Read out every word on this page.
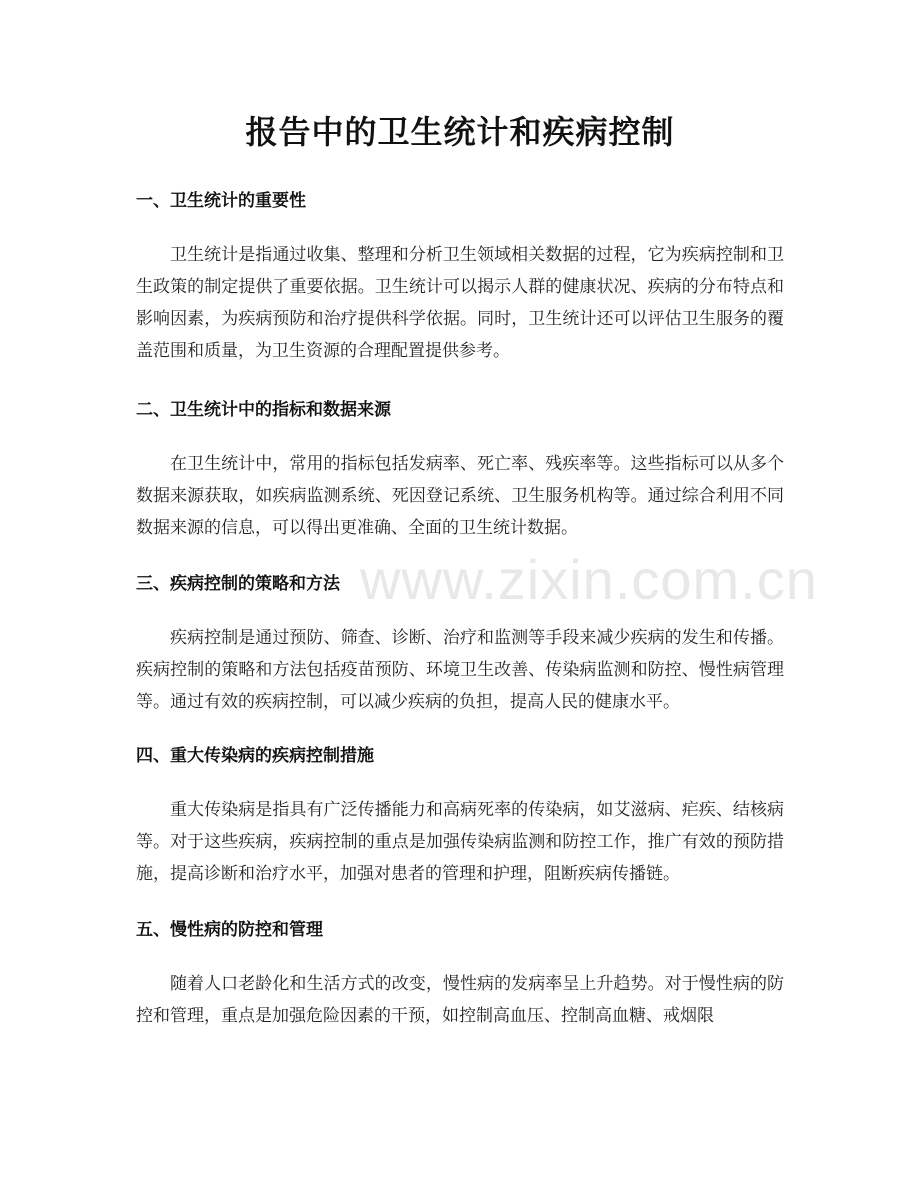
报告中的卫生统计和疾病控制
www.zixin.com.cn
一、卫生统计的重要性

卫生统计是指通过收集、整理和分析卫生领域相关数据的过程，它为疾病控制和卫生政策的制定提供了重要依据。卫生统计可以揭示人群的健康状况、疾病的分布特点和影响因素，为疾病预防和治疗提供科学依据。同时，卫生统计还可以评估卫生服务的覆盖范围和质量，为卫生资源的合理配置提供参考。

二、卫生统计中的指标和数据来源

在卫生统计中，常用的指标包括发病率、死亡率、残疾率等。这些指标可以从多个数据来源获取，如疾病监测系统、死因登记系统、卫生服务机构等。通过综合利用不同数据来源的信息，可以得出更准确、全面的卫生统计数据。

三、疾病控制的策略和方法

疾病控制是通过预防、筛查、诊断、治疗和监测等手段来减少疾病的发生和传播。疾病控制的策略和方法包括疫苗预防、环境卫生改善、传染病监测和防控、慢性病管理等。通过有效的疾病控制，可以减少疾病的负担，提高人民的健康水平。

四、重大传染病的疾病控制措施

重大传染病是指具有广泛传播能力和高病死率的传染病，如艾滋病、疟疾、结核病等。对于这些疾病，疾病控制的重点是加强传染病监测和防控工作，推广有效的预防措施，提高诊断和治疗水平，加强对患者的管理和护理，阻断疾病传播链。

五、慢性病的防控和管理

随着人口老龄化和生活方式的改变，慢性病的发病率呈上升趋势。对于慢性病的防控和管理，重点是加强危险因素的干预，如控制高血压、控制高血糖、戒烟限
